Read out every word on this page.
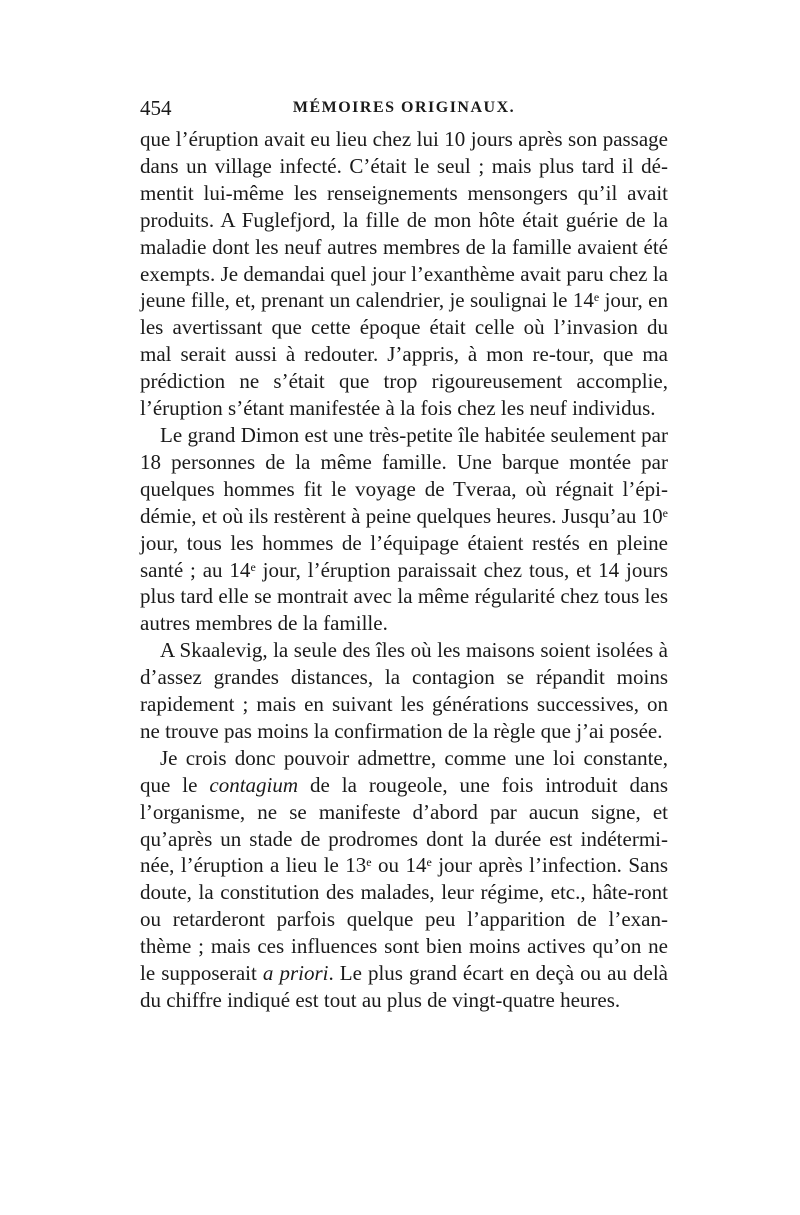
454	MÉMOIRES ORIGINAUX.

que l’éruption avait eu lieu chez lui 10 jours après son passage dans un village infecté. C’était le seul ; mais plus tard il dé-mentit lui-même les renseignements mensongers qu’il avait produits. A Fuglefjord, la fille de mon hôte était guérie de la maladie dont les neuf autres membres de la famille avaient été exempts. Je demandai quel jour l’exanthème avait paru chez la jeune fille, et, prenant un calendrier, je soulignai le 14e jour, en les avertissant que cette époque était celle où l’invasion du mal serait aussi à redouter. J’appris, à mon re-tour, que ma prédiction ne s’était que trop rigoureusement accomplie, l’éruption s’étant manifestée à la fois chez les neuf individus.

Le grand Dimon est une très-petite île habitée seulement par 18 personnes de la même famille. Une barque montée par quelques hommes fit le voyage de Tveraa, où régnait l’épi-démie, et où ils restèrent à peine quelques heures. Jusqu’au 10e jour, tous les hommes de l’équipage étaient restés en pleine santé ; au 14e jour, l’éruption paraissait chez tous, et 14 jours plus tard elle se montrait avec la même régularité chez tous les autres membres de la famille.

A Skaalevig, la seule des îles où les maisons soient isolées à d’assez grandes distances, la contagion se répandit moins rapidement ; mais en suivant les générations successives, on ne trouve pas moins la confirmation de la règle que j’ai posée.

Je crois donc pouvoir admettre, comme une loi constante, que le contagium de la rougeole, une fois introduit dans l’organisme, ne se manifeste d’abord par aucun signe, et qu’après un stade de prodromes dont la durée est indétermi-née, l’éruption a lieu le 13e ou 14e jour après l’infection. Sans doute, la constitution des malades, leur régime, etc., hâte-ront ou retarderont parfois quelque peu l’apparition de l’exan-thème ; mais ces influences sont bien moins actives qu’on ne le supposerait a priori. Le plus grand écart en deçà ou au delà du chiffre indiqué est tout au plus de vingt-quatre heures.
